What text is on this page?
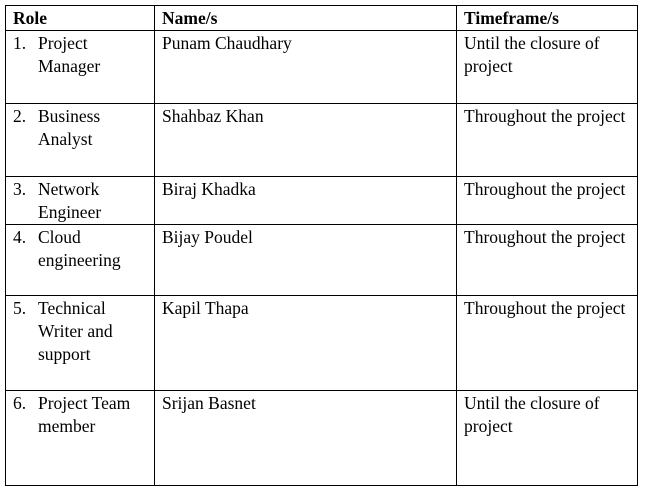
Role	Name/s	Timeframe/s

1. Project Manager	Punam Chaudhary	Until the closure of project

2. Business Analyst	Shahbaz Khan	Throughout the project

3. Network Engineer	Biraj Khadka	Throughout the project

4. Cloud engineering	Bijay Poudel	Throughout the project

5. Technical Writer and support	Kapil Thapa	Throughout the project

6. Project Team member	Srijan Basnet	Until the closure of project
